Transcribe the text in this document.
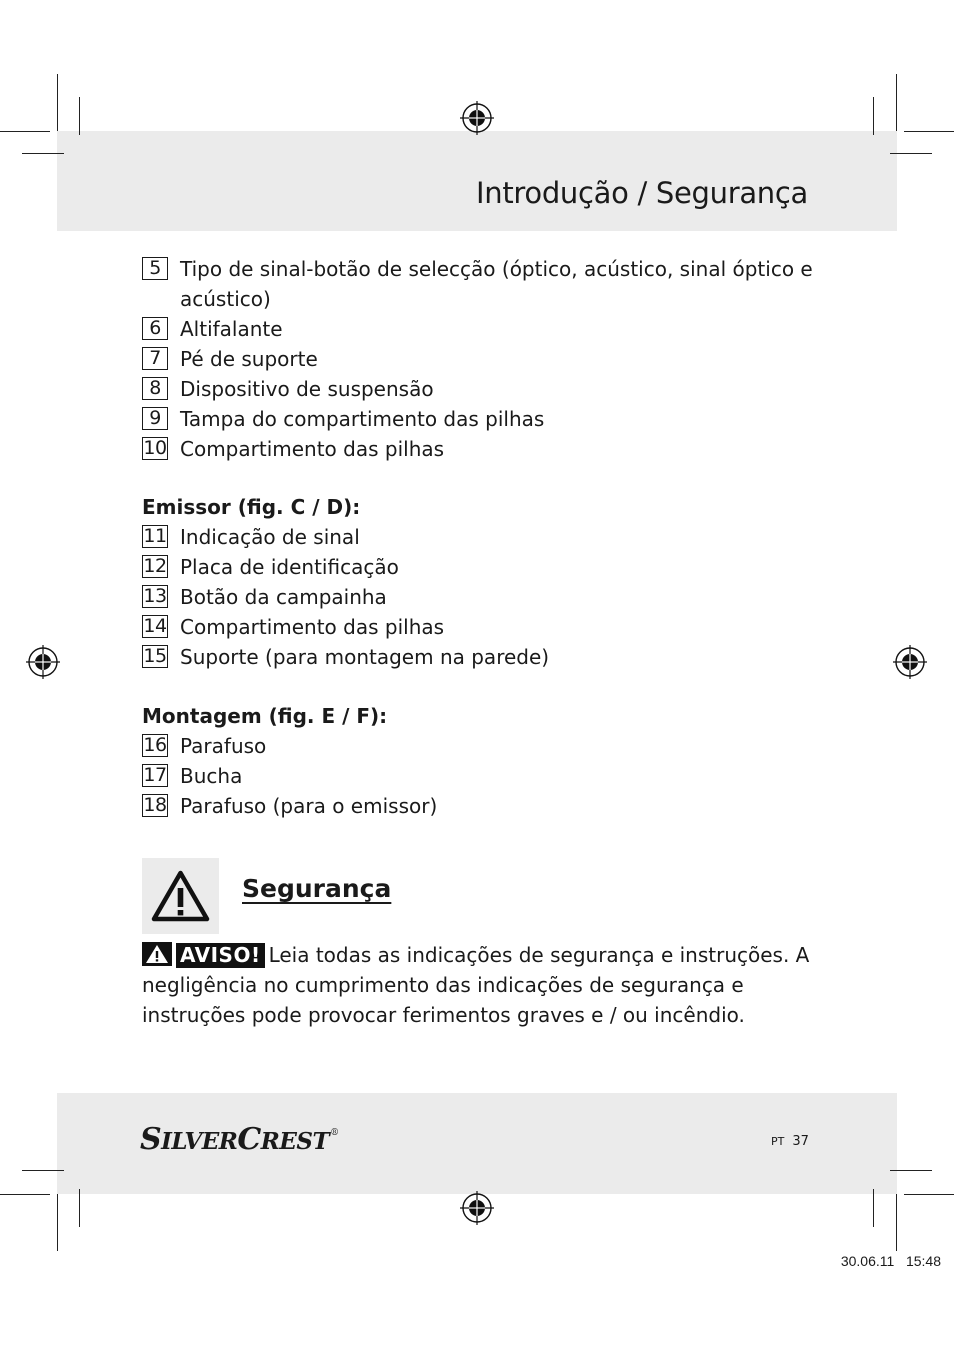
Introdução / Segurança
5 Tipo de sinal-botão de selecção (óptico, acústico, sinal óptico e acústico)
6 Altifalante
7 Pé de suporte
8 Dispositivo de suspensão
9 Tampa do compartimento das pilhas
10 Compartimento das pilhas
Emissor (fig. C / D):
11 Indicação de sinal
12 Placa de identificação
13 Botão da campainha
14 Compartimento das pilhas
15 Suporte (para montagem na parede)
Montagem (fig. E / F):
16 Parafuso
17 Bucha
18 Parafuso (para o emissor)
Segurança

AVISO! Leia todas as indicações de segurança e instruções. A negligência no cumprimento das indicações de segurança e instruções pode provocar ferimentos graves e / ou incêndio.

SILVERCREST®

PT 37
30.06.11   15:48
